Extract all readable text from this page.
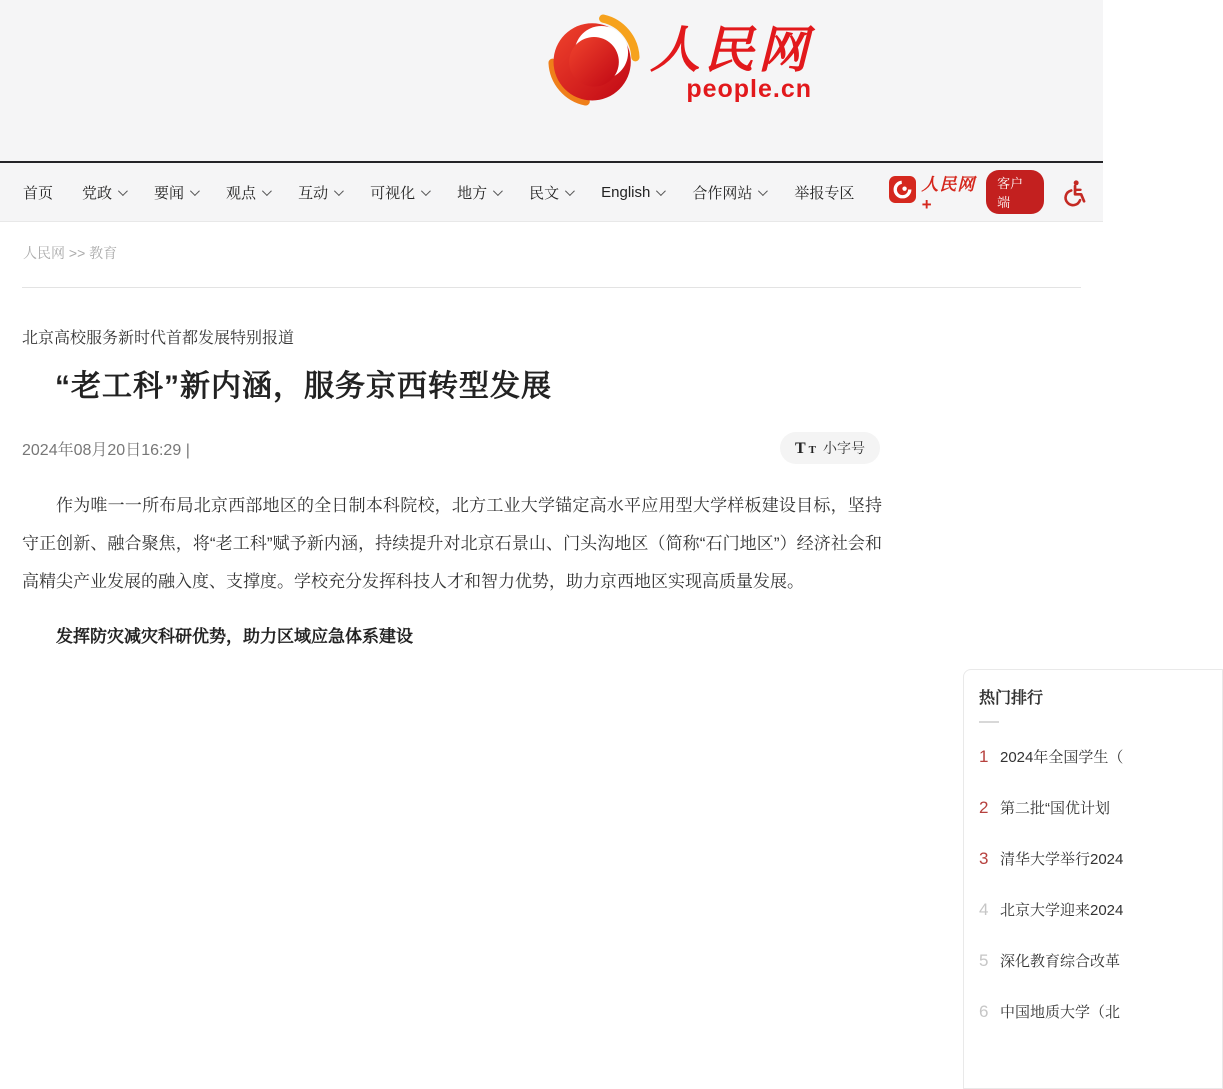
人民网
people.cn
首页 党政	要闻	观点	互动	可视化	地方	民文	English	合作网站	举报专区	人民网+
客户端
人民网 >> 教育
北京高校服务新时代首都发展特别报道
“老工科”新内涵，服务京西转型发展
2024年08月20日16:29 |	T T 小字号

作为唯一一所布局北京西部地区的全日制本科院校，北方工业大学锚定高水平应用型大学样板建设目标，坚持守正创新、融合聚焦，将“老工科”赋予新内涵，持续提升对北京石景山、门头沟地区（简称“石门地区”）经济社会和高精尖产业发展的融入度、支撑度。学校充分发挥科技人才和智力优势，助力京西地区实现高质量发展。

发挥防灾减灾科研优势，助力区域应急体系建设

热门排行
1 2024年全国学生（
2 第二批“国优计划
3 清华大学举行2024
4 北京大学迎来2024
5 深化教育综合改革
6 中国地质大学（北
